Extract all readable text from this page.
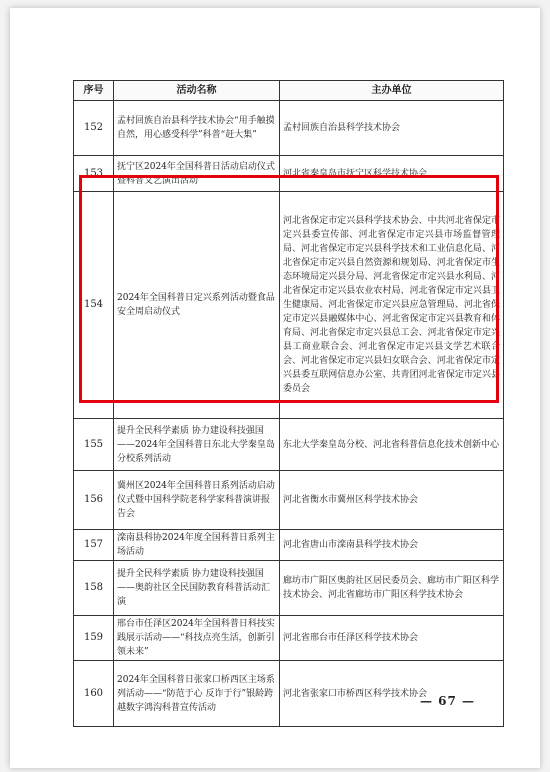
序号	活动名称	主办单位
152	孟村回族自治县科学技术协会“用手触摸自然，用心感受科学”科普“赶大集”	孟村回族自治县科学技术协会
153	抚宁区2024年全国科普日活动启动仪式暨科普文艺演出活动	河北省秦皇岛市抚宁区科学技术协会
154	2024年全国科普日定兴系列活动暨食品安全周启动仪式	河北省保定市定兴县科学技术协会、中共河北省保定市定兴县委宣传部、河北省保定市定兴县市场监督管理局、河北省保定市定兴县科学技术和工业信息化局、河北省保定市定兴县自然资源和规划局、河北省保定市生态环境局定兴县分局、河北省保定市定兴县水利局、河北省保定市定兴县农业农村局、河北省保定市定兴县卫生健康局、河北省保定市定兴县应急管理局、河北省保定市定兴县融媒体中心、河北省保定市定兴县教育和体育局、河北省保定市定兴县总工会、河北省保定市定兴县工商业联合会、河北省保定市定兴县文学艺术联合会、河北省保定市定兴县妇女联合会、河北省保定市定兴县委互联网信息办公室、共青团河北省保定市定兴县委员会
155	提升全民科学素质 协力建设科技强国——2024年全国科普日东北大学秦皇岛分校系列活动	东北大学秦皇岛分校、河北省科普信息化技术创新中心
156	冀州区2024年全国科普日系列活动启动仪式暨中国科学院老科学家科普演讲报告会	河北省衡水市冀州区科学技术协会
157	滦南县科协2024年度全国科普日系列主场活动	河北省唐山市滦南县科学技术协会
158	提升全民科学素质 协力建设科技强国——奥韵社区全民国防教育科普活动汇演	廊坊市广阳区奥韵社区居民委员会、廊坊市广阳区科学技术协会、河北省廊坊市广阳区科学技术协会
159	邢台市任泽区2024年全国科普日科技实践展示活动——“科技点亮生活，创新引领未来”	河北省邢台市任泽区科学技术协会
160	2024年全国科普日张家口桥西区主场系列活动——“防范于心 反诈于行”银龄跨越数字鸿沟科普宣传活动	河北省张家口市桥西区科学技术协会
— 67 —
